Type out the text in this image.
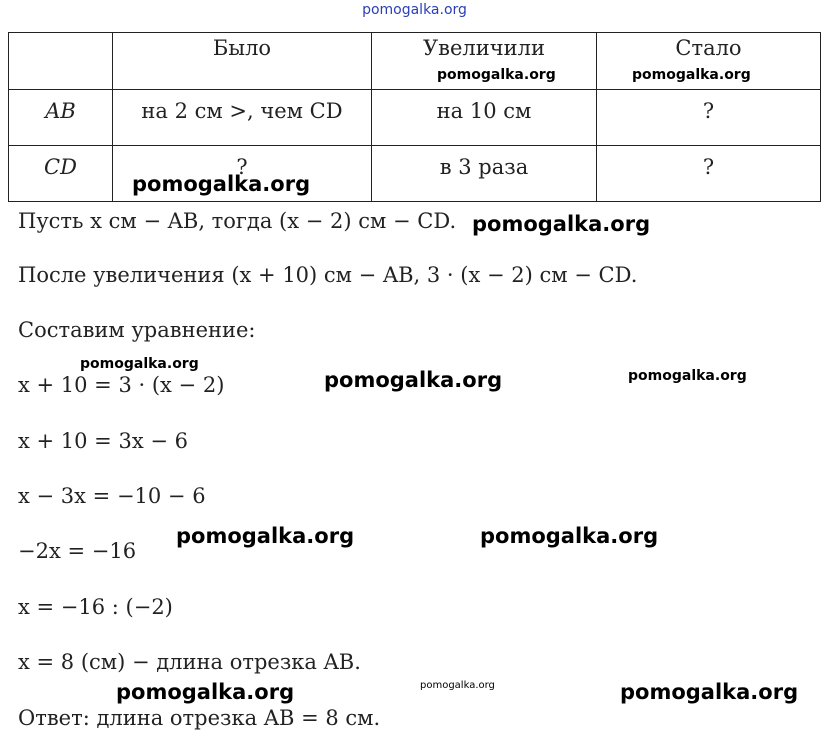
pomogalka.org

	Было	Увеличили	Стало

AB	на 2 см >, чем CD	на 10 см	?

CD	?	в 3 раза	?
Пусть x см − AB, тогда (x − 2) см − CD.
После увеличения (x + 10) см − AB, 3 · (x − 2) см − CD.
Составим уравнение:
x + 10 = 3 · (x − 2)
x + 10 = 3x − 6
x − 3x = −10 − 6
−2x = −16
x = −16 : (−2)
x = 8 (см) − длина отрезка AB.
Ответ: длина отрезка AB = 8 см.
pomogalka.org	pomogalka.org
pomogalka.org
pomogalka.org
pomogalka.org
pomogalka.org	pomogalka.org
pomogalka.org	pomogalka.org
pomogalka.org	pomogalka.org	pomogalka.org
